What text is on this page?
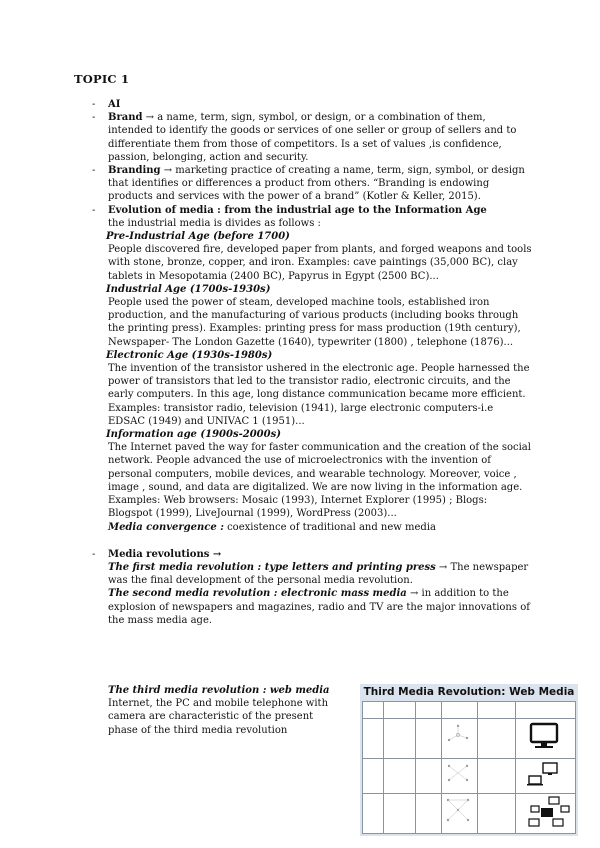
TOPIC 1
- AI
- Brand → a name, term, sign, symbol, or design, or a combination of them, intended to identify the goods or services of one seller or group of sellers and to differentiate them from those of competitors. Is a set of values ,is confidence, passion, belonging, action and security.
- Branding → marketing practice of creating a name, term, sign, symbol, or design that identifies or differences a product from others. “Branding is endowing products and services with the power of a brand” (Kotler & Keller, 2015).
- Evolution of media : from the industrial age to the Information Age
the industrial media is divides as follows :
Pre-Industrial Age (before 1700)
People discovered fire, developed paper from plants, and forged weapons and tools with stone, bronze, copper, and iron. Examples: cave paintings (35,000 BC), clay tablets in Mesopotamia (2400 BC), Papyrus in Egypt (2500 BC)...
Industrial Age (1700s-1930s)
People used the power of steam, developed machine tools, established iron production, and the manufacturing of various products (including books through the printing press). Examples: printing press for mass production (19th century), Newspaper- The London Gazette (1640), typewriter (1800) , telephone (1876)...
Electronic Age (1930s-1980s)
The invention of the transistor ushered in the electronic age. People harnessed the power of transistors that led to the transistor radio, electronic circuits, and the early computers. In this age, long distance communication became more efficient. Examples: transistor radio, television (1941), large electronic computers-i.e EDSAC (1949) and UNIVAC 1 (1951)...
Information age (1900s-2000s)
The Internet paved the way for faster communication and the creation of the social network. People advanced the use of microelectronics with the invention of personal computers, mobile devices, and wearable technology. Moreover, voice , image , sound, and data are digitalized. We are now living in the information age. Examples: Web browsers: Mosaic (1993), Internet Explorer (1995) ; Blogs: Blogspot (1999), LiveJournal (1999), WordPress (2003)...
Media convergence : coexistence of traditional and new media
- Media revolutions →
The first media revolution : type letters and printing press → The newspaper was the final development of the personal media revolution.
The second media revolution : electronic mass media → in addition to the explosion of newspapers and magazines, radio and TV are the major innovations of the mass media age.
The third media revolution : web media
Internet, the PC and mobile telephone with camera are characteristic of the present phase of the third media revolution
Third Media Revolution: Web Media
